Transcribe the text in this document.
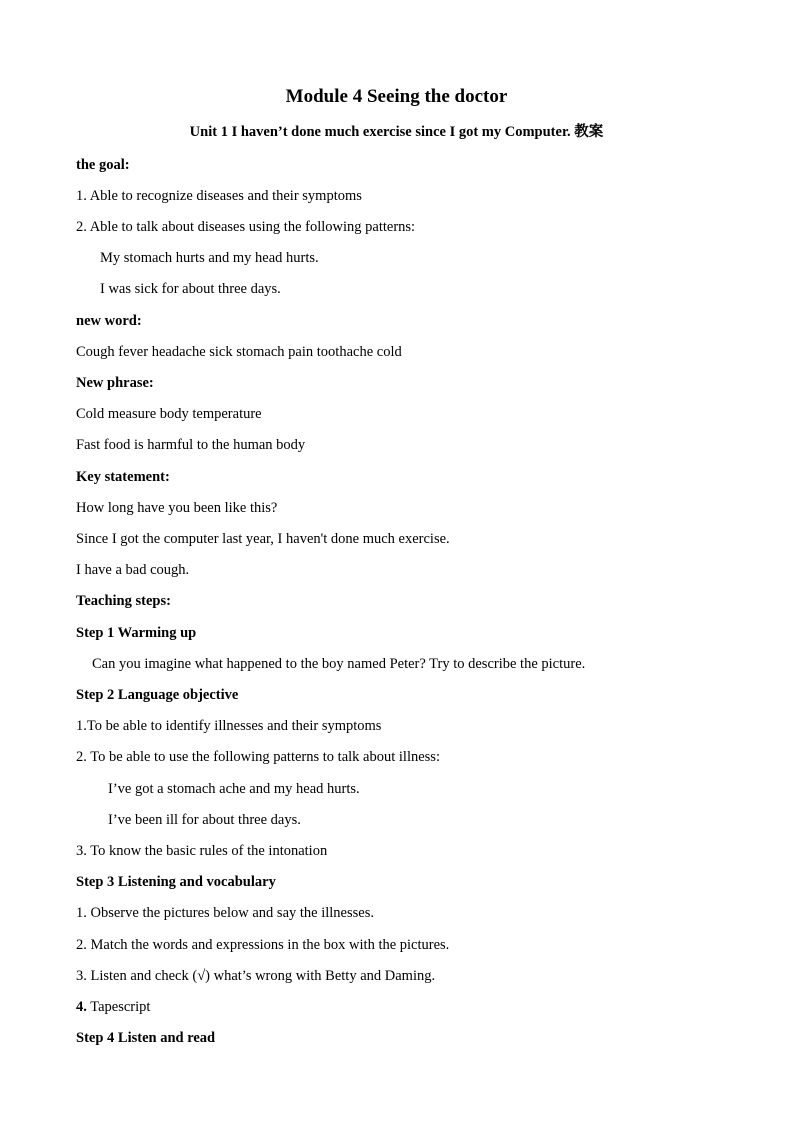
Module 4 Seeing the doctor
Unit 1 I haven’t done much exercise since I got my Computer. 教案
the goal:
1. Able to recognize diseases and their symptoms
2. Able to talk about diseases using the following patterns:
My stomach hurts and my head hurts.
I was sick for about three days.
new word:
Cough fever headache sick stomach pain toothache cold
New phrase:
Cold measure body temperature
Fast food is harmful to the human body
Key statement:
How long have you been like this?
Since I got the computer last year, I haven't done much exercise.
I have a bad cough.
Teaching steps:
Step 1 Warming up
Can you imagine what happened to the boy named Peter? Try to describe the picture.
Step 2 Language objective
1.To be able to identify illnesses and their symptoms
2. To be able to use the following patterns to talk about illness:
I’ve got a stomach ache and my head hurts.
I’ve been ill for about three days.
3. To know the basic rules of the intonation
Step 3 Listening and vocabulary
1. Observe the pictures below and say the illnesses.
2. Match the words and expressions in the box with the pictures.
3. Listen and check (√) what’s wrong with Betty and Daming.
4. Tapescript
Step 4 Listen and read
